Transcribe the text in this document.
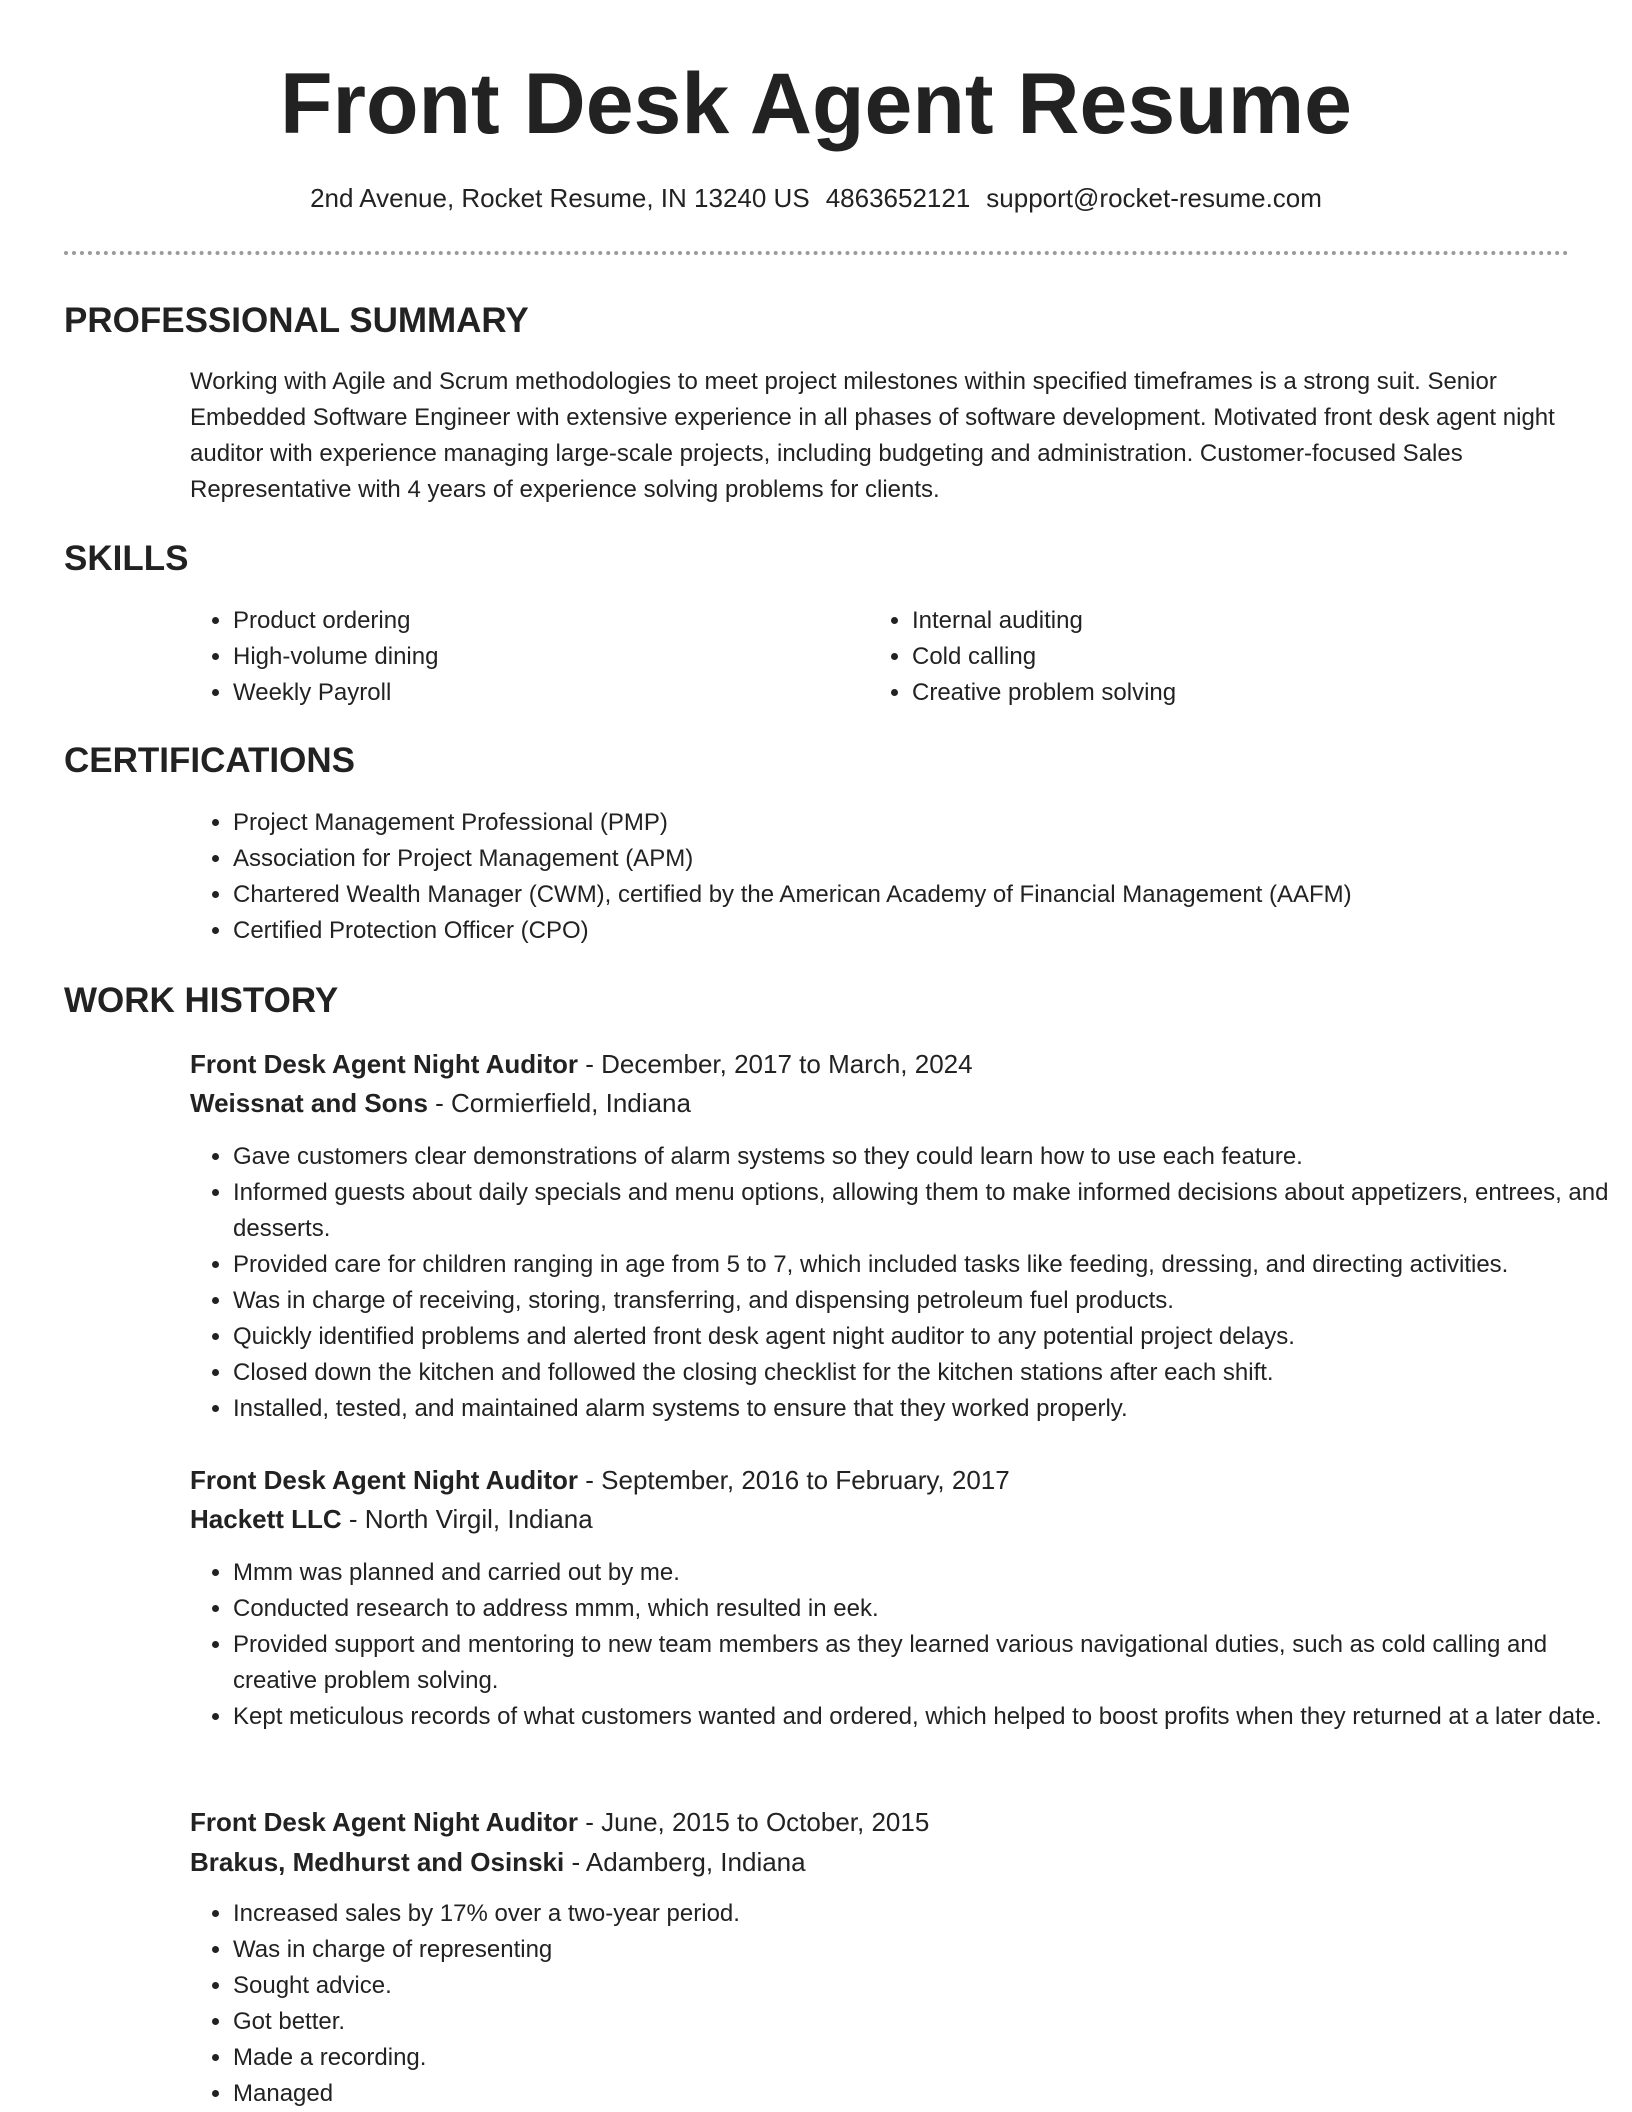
Front Desk Agent Resume
2nd Avenue, Rocket Resume, IN 13240 US 4863652121 support@rocket-resume.com
PROFESSIONAL SUMMARY
Working with Agile and Scrum methodologies to meet project milestones within specified timeframes is a strong suit. Senior Embedded Software Engineer with extensive experience in all phases of software development. Motivated front desk agent night auditor with experience managing large-scale projects, including budgeting and administration. Customer-focused Sales Representative with 4 years of experience solving problems for clients.
SKILLS
• Product ordering
• High-volume dining
• Weekly Payroll
• Internal auditing
• Cold calling
• Creative problem solving
CERTIFICATIONS
• Project Management Professional (PMP)
• Association for Project Management (APM)
• Chartered Wealth Manager (CWM), certified by the American Academy of Financial Management (AAFM)
• Certified Protection Officer (CPO)
WORK HISTORY
Front Desk Agent Night Auditor - December, 2017 to March, 2024
Weissnat and Sons - Cormierfield, Indiana
• Gave customers clear demonstrations of alarm systems so they could learn how to use each feature.
• Informed guests about daily specials and menu options, allowing them to make informed decisions about appetizers, entrees, and desserts.
• Provided care for children ranging in age from 5 to 7, which included tasks like feeding, dressing, and directing activities.
• Was in charge of receiving, storing, transferring, and dispensing petroleum fuel products.
• Quickly identified problems and alerted front desk agent night auditor to any potential project delays.
• Closed down the kitchen and followed the closing checklist for the kitchen stations after each shift.
• Installed, tested, and maintained alarm systems to ensure that they worked properly.
Front Desk Agent Night Auditor - September, 2016 to February, 2017
Hackett LLC - North Virgil, Indiana
• Mmm was planned and carried out by me.
• Conducted research to address mmm, which resulted in eek.
• Provided support and mentoring to new team members as they learned various navigational duties, such as cold calling and creative problem solving.
• Kept meticulous records of what customers wanted and ordered, which helped to boost profits when they returned at a later date.
Front Desk Agent Night Auditor - June, 2015 to October, 2015
Brakus, Medhurst and Osinski - Adamberg, Indiana
• Increased sales by 17% over a two-year period.
• Was in charge of representing
• Sought advice.
• Got better.
• Made a recording.
• Managed
